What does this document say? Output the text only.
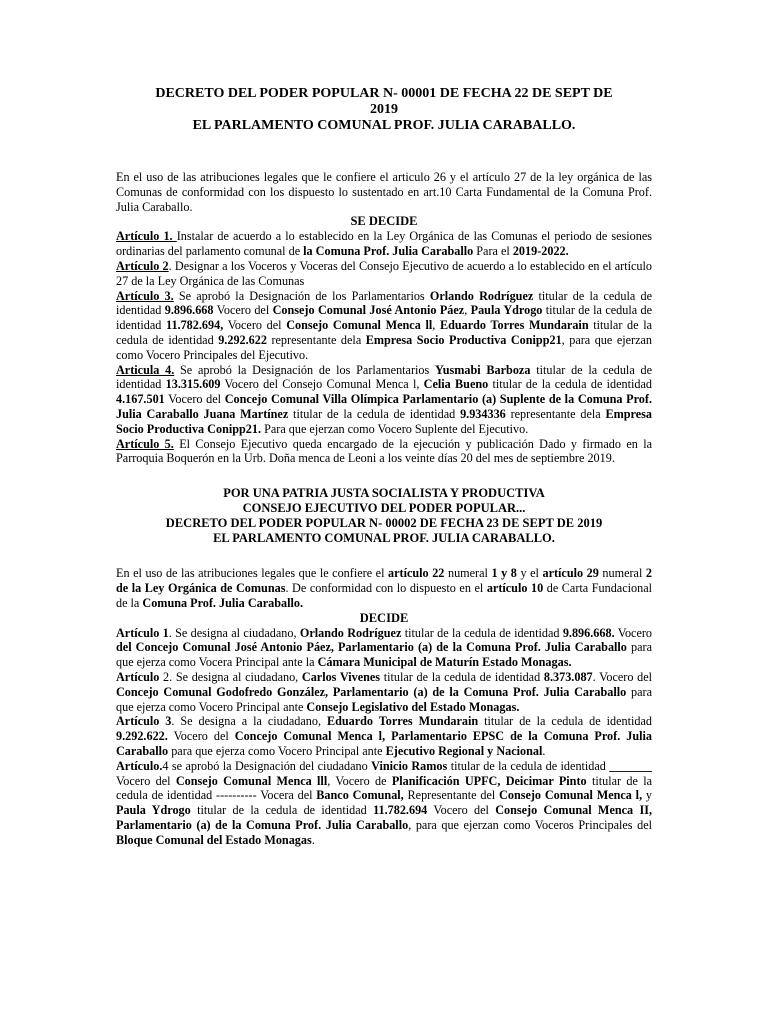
DECRETO DEL PODER POPULAR N- 00001 DE FECHA 22 DE SEPT DE
2019
EL PARLAMENTO COMUNAL PROF. JULIA CARABALLO.

En el uso de las atribuciones legales que le confiere el articulo 26 y el artículo 27 de la ley orgánica de las Comunas de conformidad con los dispuesto lo sustentado en art.10 Carta Fundamental de la Comuna Prof. Julia Caraballo.

SE DECIDE

Artículo 1. Instalar de acuerdo a lo establecido en la Ley Orgánica de las Comunas el periodo de sesiones ordinarias del parlamento comunal de la Comuna Prof. Julia Caraballo Para el 2019-2022.

Artículo 2. Designar a los Voceros y Voceras del Consejo Ejecutivo de acuerdo a lo establecido en el artículo 27 de la Ley Orgánica de las Comunas

Artículo 3. Se aprobó la Designación de los Parlamentarios Orlando Rodríguez titular de la cedula de identidad 9.896.668 Vocero del Consejo Comunal José Antonio Páez, Paula Ydrogo titular de la cedula de identidad 11.782.694, Vocero del Consejo Comunal Menca ll, Eduardo Torres Mundarain titular de la cedula de identidad 9.292.622 representante dela Empresa Socio Productiva Conipp21, para que ejerzan como Vocero Principales del Ejecutivo.

Articula 4. Se aprobó la Designación de los Parlamentarios Yusmabi Barboza titular de la cedula de identidad 13.315.609 Vocero del Consejo Comunal Menca l, Celia Bueno titular de la cedula de identidad 4.167.501 Vocero del Concejo Comunal Villa Olímpica Parlamentario (a) Suplente de la Comuna Prof. Julia Caraballo Juana Martínez titular de la cedula de identidad 9.934336 representante dela Empresa Socio Productiva Conipp21. Para que ejerzan como Vocero Suplente del Ejecutivo.

Artículo 5. El Consejo Ejecutivo queda encargado de la ejecución y publicación Dado y firmado en la Parroquia Boquerón en la Urb. Doña menca de Leoni a los veinte días 20 del mes de septiembre 2019.

POR UNA PATRIA JUSTA SOCIALISTA Y PRODUCTIVA
CONSEJO EJECUTIVO DEL PODER POPULAR...
DECRETO DEL PODER POPULAR N- 00002 DE FECHA 23 DE SEPT DE 2019
EL PARLAMENTO COMUNAL PROF. JULIA CARABALLO.

En el uso de las atribuciones legales que le confiere el artículo 22 numeral 1 y 8 y el artículo 29 numeral 2 de la Ley Orgánica de Comunas. De conformidad con lo dispuesto en el artículo 10 de Carta Fundacional de la Comuna Prof. Julia Caraballo.

DECIDE

Artículo 1. Se designa al ciudadano, Orlando Rodríguez titular de la cedula de identidad 9.896.668. Vocero del Concejo Comunal José Antonio Páez, Parlamentario (a) de la Comuna Prof. Julia Caraballo para que ejerza como Vocera Principal ante la Cámara Municipal de Maturín Estado Monagas.

Artículo 2. Se designa al ciudadano, Carlos Vivenes titular de la cedula de identidad 8.373.087. Vocero del Concejo Comunal Godofredo González, Parlamentario (a) de la Comuna Prof. Julia Caraballo para que ejerza como Vocero Principal ante Consejo Legislativo del Estado Monagas.

Artículo 3. Se designa a la ciudadano, Eduardo Torres Mundarain titular de la cedula de identidad 9.292.622. Vocero del Concejo Comunal Menca l, Parlamentario EPSC de la Comuna Prof. Julia Caraballo para que ejerza como Vocero Principal ante Ejecutivo Regional y Nacional.

Artículo.4 se aprobó la Designación del ciudadano Vinicio Ramos titular de la cedula de identidad _______ Vocero del Consejo Comunal Menca lll, Vocero de Planificación UPFC, Deicimar Pinto titular de la cedula de identidad ---------- Vocera del Banco Comunal, Representante del Consejo Comunal Menca l, y Paula Ydrogo titular de la cedula de identidad 11.782.694 Vocero del Consejo Comunal Menca II, Parlamentario (a) de la Comuna Prof. Julia Caraballo, para que ejerzan como Voceros Principales del Bloque Comunal del Estado Monagas.
